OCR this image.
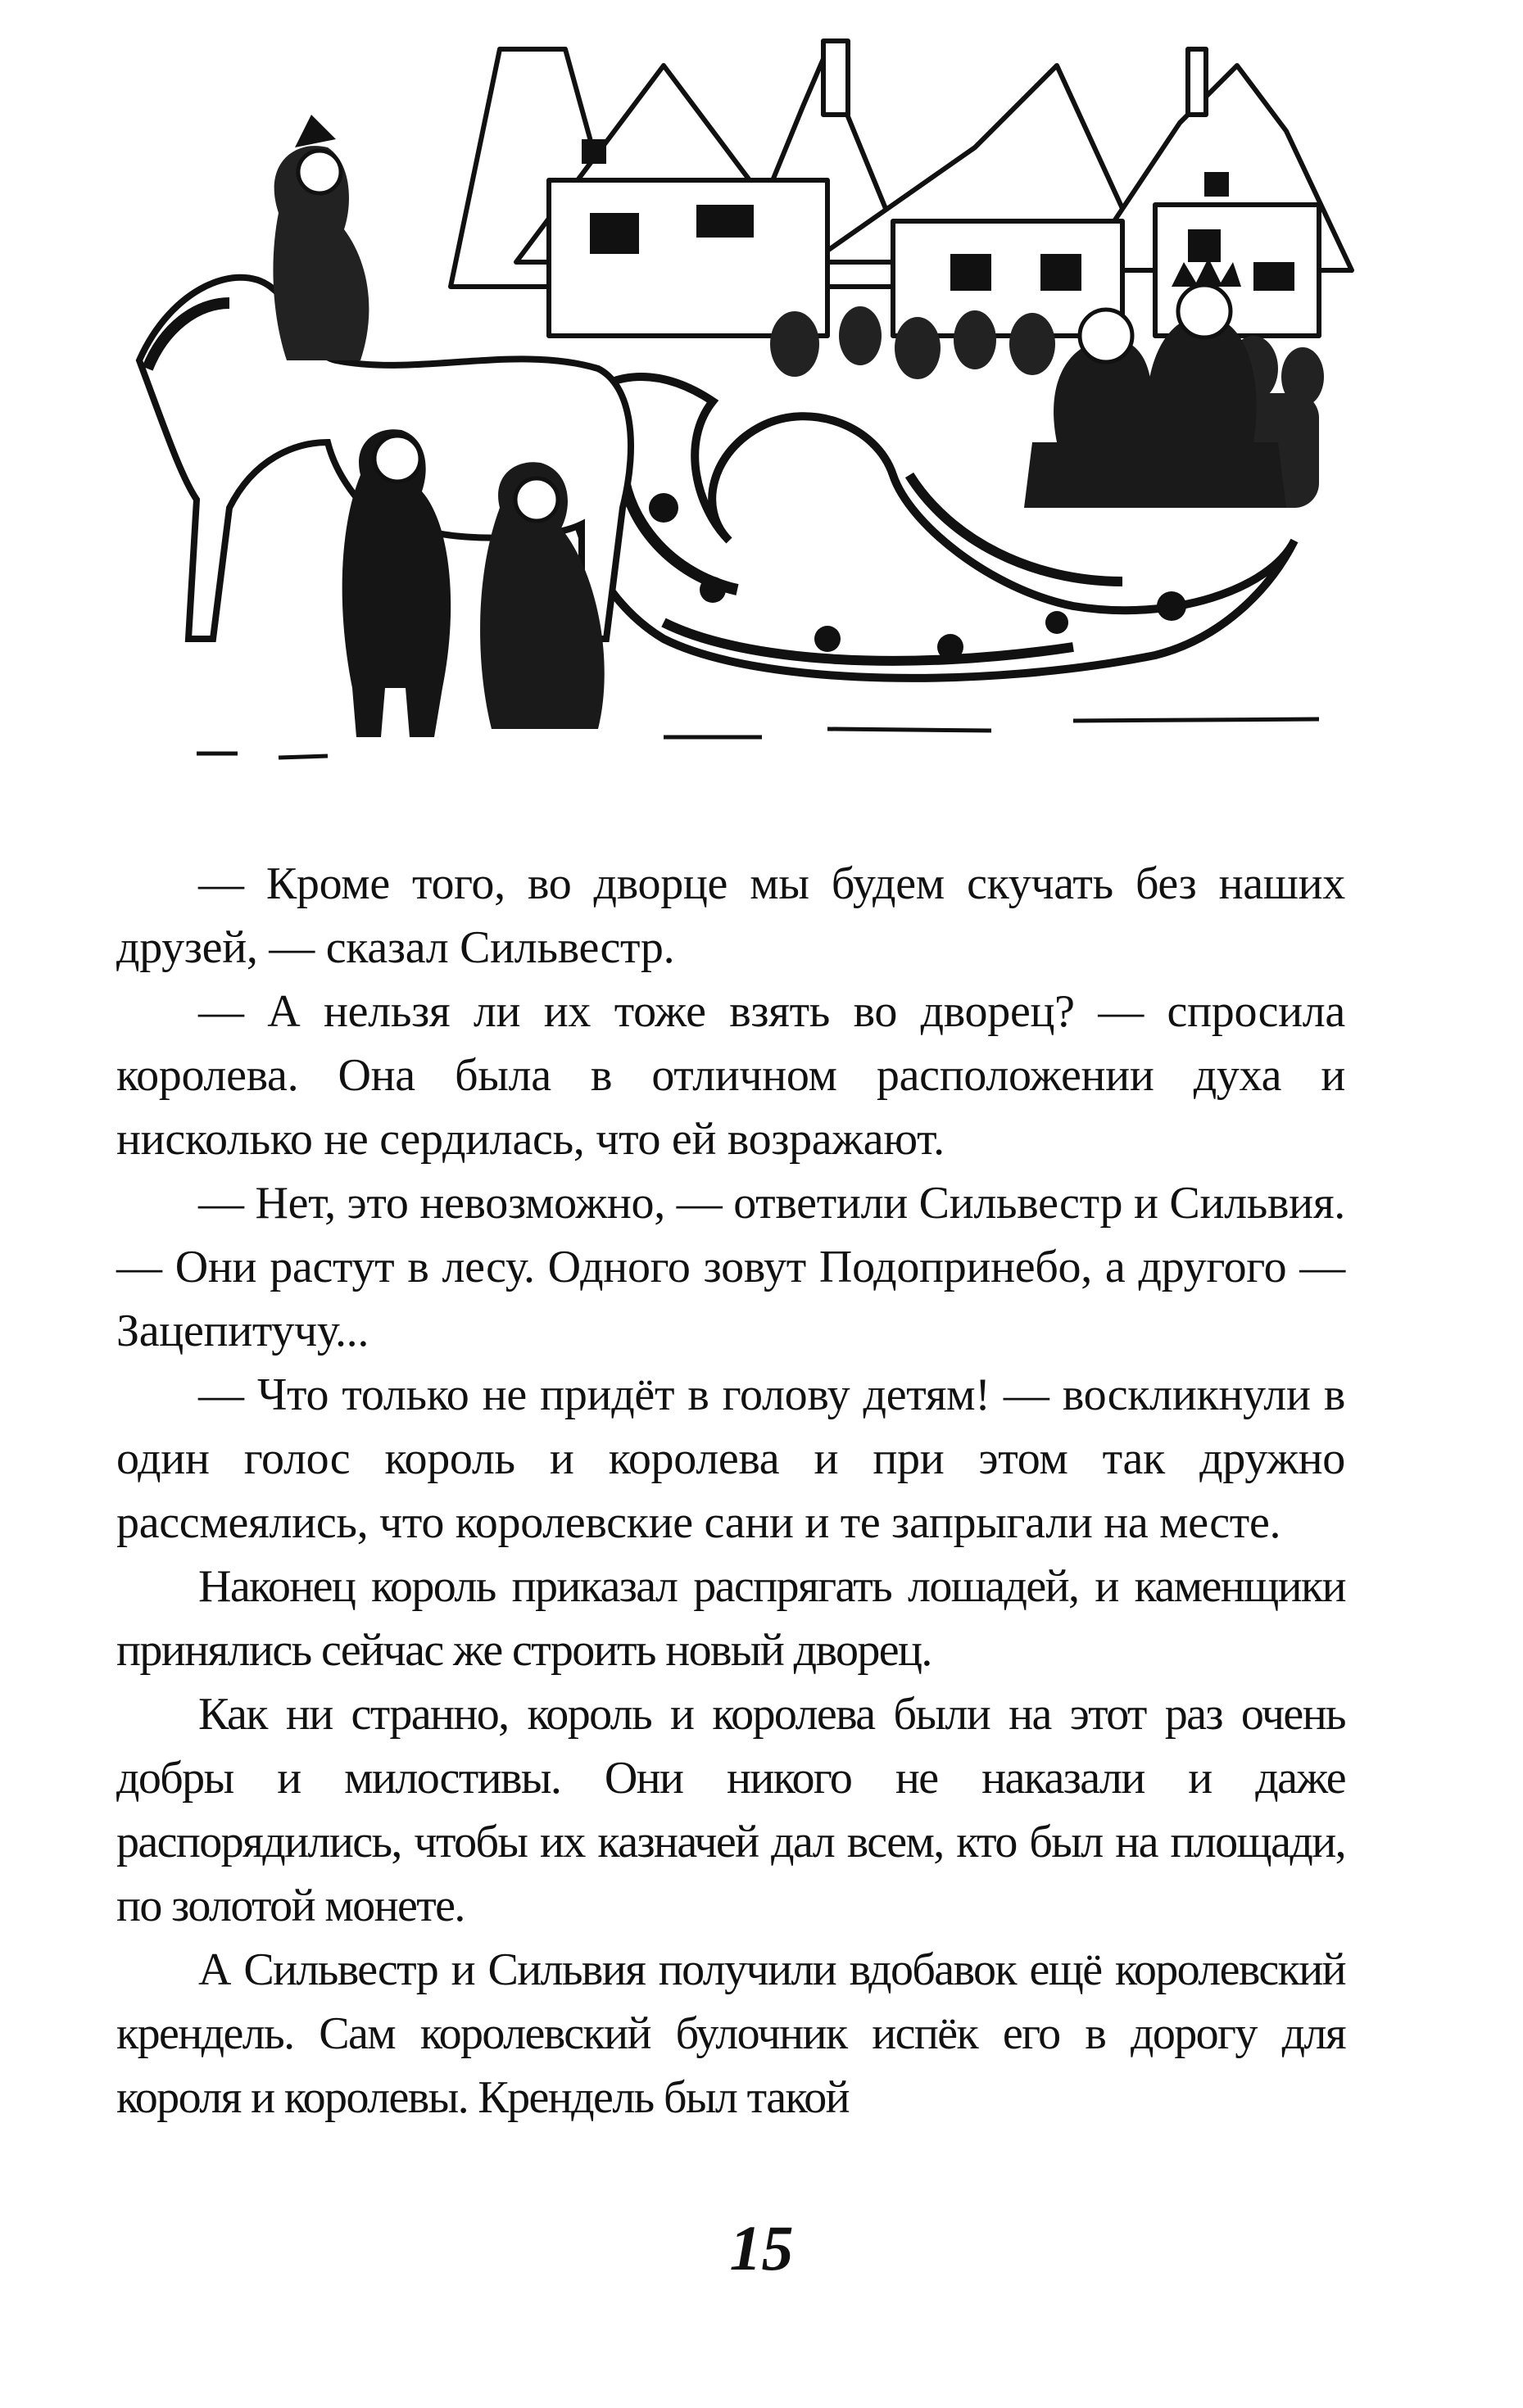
— Кроме того, во дворце мы будем скучать без наших друзей, — сказал Сильвестр.

— А нельзя ли их тоже взять во дворец? — спросила королева. Она была в отличном расположении духа и нисколько не сердилась, что ей возражают.

— Нет, это невозможно, — ответили Сильвестр и Сильвия. — Они растут в лесу. Одного зовут Подопринебо, а другого — Зацепитучу...

— Что только не придёт в голову детям! — воскликнули в один голос король и королева и при этом так дружно рассмеялись, что королевские сани и те запрыгали на месте.

Наконец король приказал распрягать лошадей, и каменщики принялись сейчас же строить новый дворец.

Как ни странно, король и королева были на этот раз очень добры и милостивы. Они никого не наказали и даже распорядились, чтобы их казначей дал всем, кто был на площади, по золотой монете.

А Сильвестр и Сильвия получили вдобавок ещё королевский крендель. Сам королевский булочник испёк его в дорогу для короля и королевы. Крендель был такой

15
